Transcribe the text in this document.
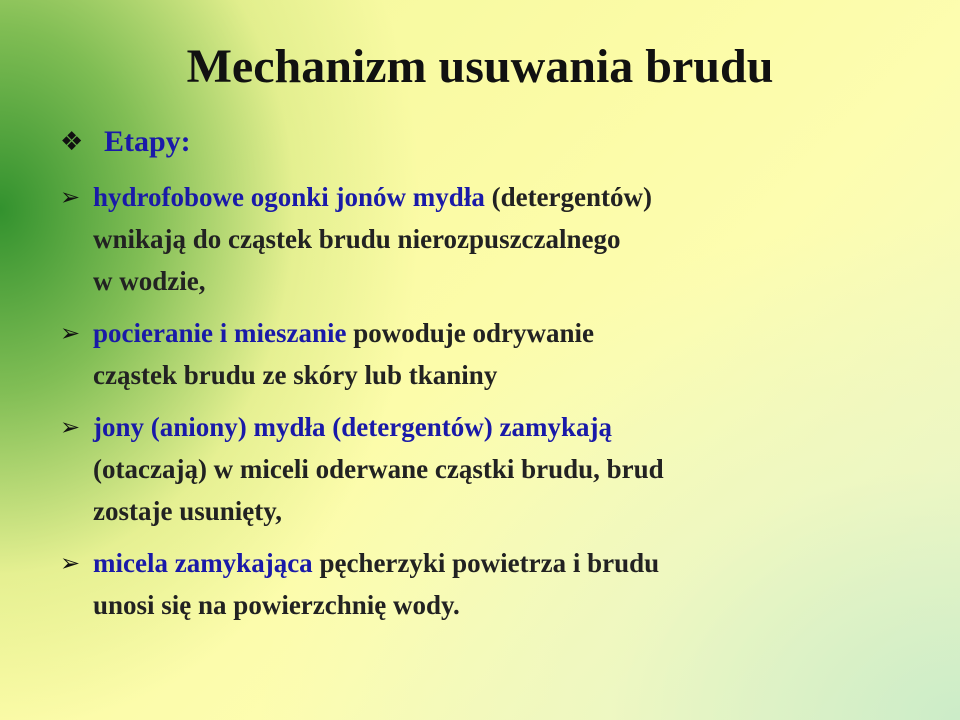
Mechanizm usuwania brudu
❖ Etapy:
➢ hydrofobowe ogonki jonów mydła (detergentów)
wnikają do cząstek brudu nierozpuszczalnego
w wodzie,
➢ pocieranie i mieszanie powoduje odrywanie
cząstek brudu ze skóry lub tkaniny
➢ jony (aniony) mydła (detergentów) zamykają
(otaczają) w miceli oderwane cząstki brudu, brud
zostaje usunięty,
➢ micela zamykająca pęcherzyki powietrza i brudu
unosi się na powierzchnię wody.
